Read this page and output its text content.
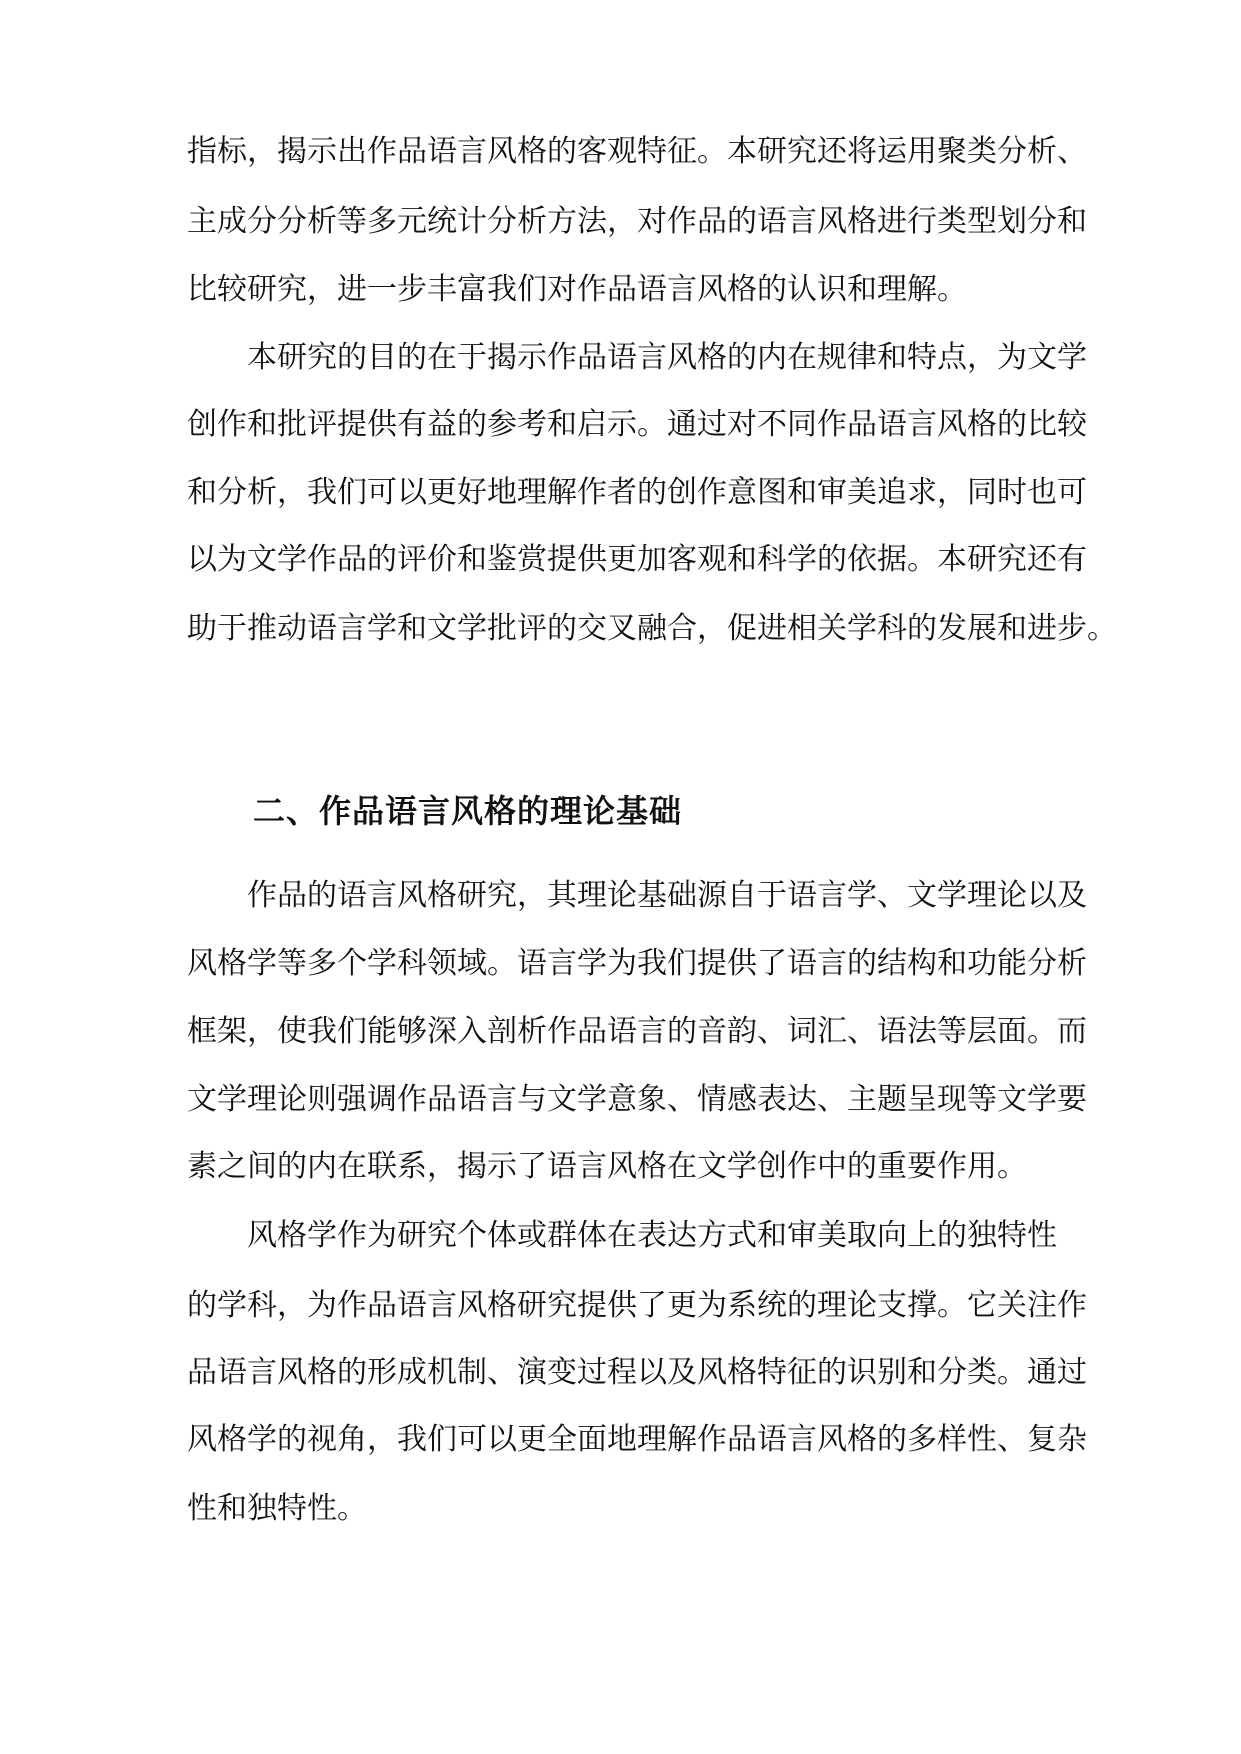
指标，揭示出作品语言风格的客观特征。本研究还将运用聚类分析、
主成分分析等多元统计分析方法，对作品的语言风格进行类型划分和
比较研究，进一步丰富我们对作品语言风格的认识和理解。
本研究的目的在于揭示作品语言风格的内在规律和特点，为文学
创作和批评提供有益的参考和启示。通过对不同作品语言风格的比较
和分析，我们可以更好地理解作者的创作意图和审美追求，同时也可
以为文学作品的评价和鉴赏提供更加客观和科学的依据。本研究还有
助于推动语言学和文学批评的交叉融合，促进相关学科的发展和进步。
二、作品语言风格的理论基础
作品的语言风格研究，其理论基础源自于语言学、文学理论以及
风格学等多个学科领域。语言学为我们提供了语言的结构和功能分析
框架，使我们能够深入剖析作品语言的音韵、词汇、语法等层面。而
文学理论则强调作品语言与文学意象、情感表达、主题呈现等文学要
素之间的内在联系，揭示了语言风格在文学创作中的重要作用。
风格学作为研究个体或群体在表达方式和审美取向上的独特性
的学科，为作品语言风格研究提供了更为系统的理论支撑。它关注作
品语言风格的形成机制、演变过程以及风格特征的识别和分类。通过
风格学的视角，我们可以更全面地理解作品语言风格的多样性、复杂
性和独特性。
